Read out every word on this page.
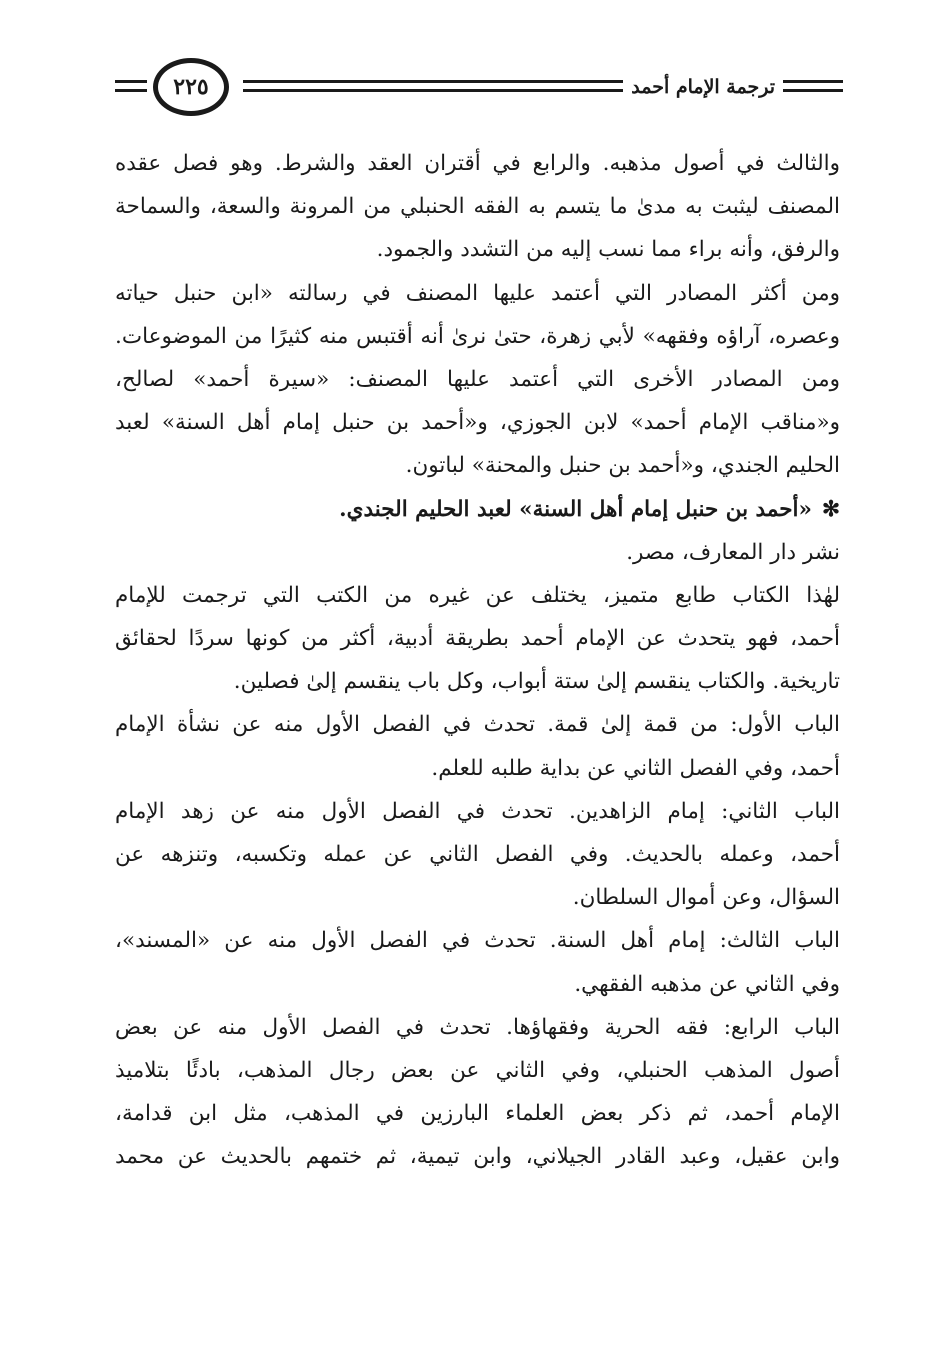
ترجمة الإمام أحمد
٢٢٥
والثالث في أصول مذهبه. والرابع في أقتران العقد والشرط. وهو فصل عقده
المصنف ليثبت به مدىٰ ما يتسم به الفقه الحنبلي من المرونة والسعة، والسماحة
والرفق، وأنه براء مما نسب إليه من التشدد والجمود.
ومن أكثر المصادر التي أعتمد عليها المصنف في رسالته «ابن حنبل حياته
وعصره، آراؤه وفقهه» لأبي زهرة، حتىٰ نرىٰ أنه أقتبس منه كثيرًا من الموضوعات.
ومن المصادر الأخرى التي أعتمد عليها المصنف: «سيرة أحمد» لصالح،
و«مناقب الإمام أحمد» لابن الجوزي، و«أحمد بن حنبل إمام أهل السنة» لعبد
الحليم الجندي، و«أحمد بن حنبل والمحنة» لباتون.
✻«أحمد بن حنبل إمام أهل السنة» لعبد الحليم الجندي.
نشر دار المعارف، مصر.
لهٰذا الكتاب طابع متميز، يختلف عن غيره من الكتب التي ترجمت للإمام
أحمد، فهو يتحدث عن الإمام أحمد بطريقة أدبية، أكثر من كونها سردًا لحقائق
تاريخية. والكتاب ينقسم إلىٰ ستة أبواب، وكل باب ينقسم إلىٰ فصلين.
الباب الأول: من قمة إلىٰ قمة. تحدث في الفصل الأول منه عن نشأة الإمام
أحمد، وفي الفصل الثاني عن بداية طلبه للعلم.
الباب الثاني: إمام الزاهدين. تحدث في الفصل الأول منه عن زهد الإمام
أحمد، وعمله بالحديث. وفي الفصل الثاني عن عمله وتكسبه، وتنزهه عن
السؤال، وعن أموال السلطان.
الباب الثالث: إمام أهل السنة. تحدث في الفصل الأول منه عن «المسند»،
وفي الثاني عن مذهبه الفقهي.
الباب الرابع: فقه الحرية وفقهاؤها. تحدث في الفصل الأول منه عن بعض
أصول المذهب الحنبلي، وفي الثاني عن بعض رجال المذهب، بادئًا بتلاميذ
الإمام أحمد، ثم ذكر بعض العلماء البارزين في المذهب، مثل ابن قدامة،
وابن عقيل، وعبد القادر الجيلاني، وابن تيمية، ثم ختمهم بالحديث عن محمد
